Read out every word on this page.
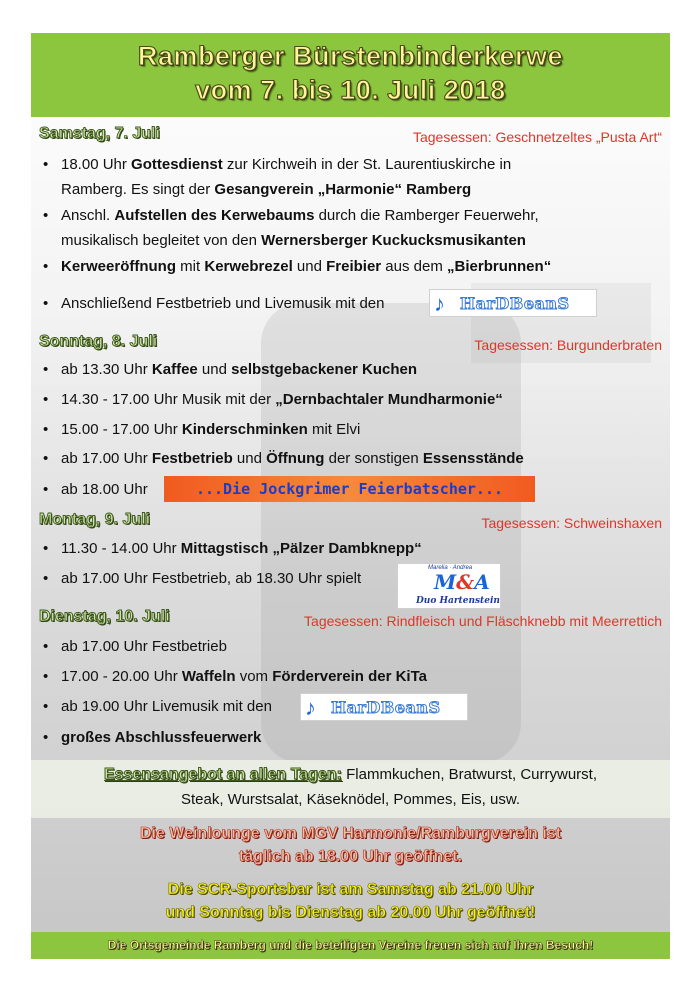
Ramberger Bürstenbinderkerwe
vom 7. bis 10. Juli 2018
Samstag, 7. Juli	Tagesessen: Geschnetzeltes „Pusta Art“
• 18.00 Uhr Gottesdienst zur Kirchweih in der St. Laurentiuskirche in
Ramberg. Es singt der Gesangverein „Harmonie“ Ramberg
• Anschl. Aufstellen des Kerwebaums durch die Ramberger Feuerwehr,
musikalisch begleitet von den Wernersberger Kuckucksmusikanten
• Kerweeröffnung mit Kerwebrezel und Freibier aus dem „Bierbrunnen“
• Anschließend Festbetrieb und Livemusik mit den ♪ HarDBeanS
Sonntag, 8. Juli	Tagesessen: Burgunderbraten
• ab 13.30 Uhr Kaffee und selbstgebackener Kuchen
• 14.30 - 17.00 Uhr Musik mit der „Dernbachtaler Mundharmonie“
• 15.00 - 17.00 Uhr Kinderschminken mit Elvi
• ab 17.00 Uhr Festbetrieb und Öffnung der sonstigen Essensstände
• ab 18.00 Uhr	...Die Jockgrimer Feierbatscher...
Montag, 9. Juli	Tagesessen: Schweinshaxen
• 11.30 - 14.00 Uhr Mittagstisch „Pälzer Dambknepp“
• ab 17.00 Uhr Festbetrieb, ab 18.30 Uhr spielt
Marelia · Andrea
M&A
Duo Hartenstein
Dienstag, 10. Juli	Tagesessen: Rindfleisch und Fläschknebb mit Meerrettich
• ab 17.00 Uhr Festbetrieb
• 17.00 - 20.00 Uhr Waffeln vom Förderverein der KiTa
• ab 19.00 Uhr Livemusik mit den ♪ HarDBeanS
• großes Abschlussfeuerwerk
Essensangebot an allen Tagen: Flammkuchen, Bratwurst, Currywurst,
Steak, Wurstsalat, Käseknödel, Pommes, Eis, usw.
Die Weinlounge vom MGV Harmonie/Ramburgverein ist
täglich ab 18.00 Uhr geöffnet.
Die SCR-Sportsbar ist am Samstag ab 21.00 Uhr
und Sonntag bis Dienstag ab 20.00 Uhr geöffnet!
Die Ortsgemeinde Ramberg und die beteiligten Vereine freuen sich auf Ihren Besuch!
